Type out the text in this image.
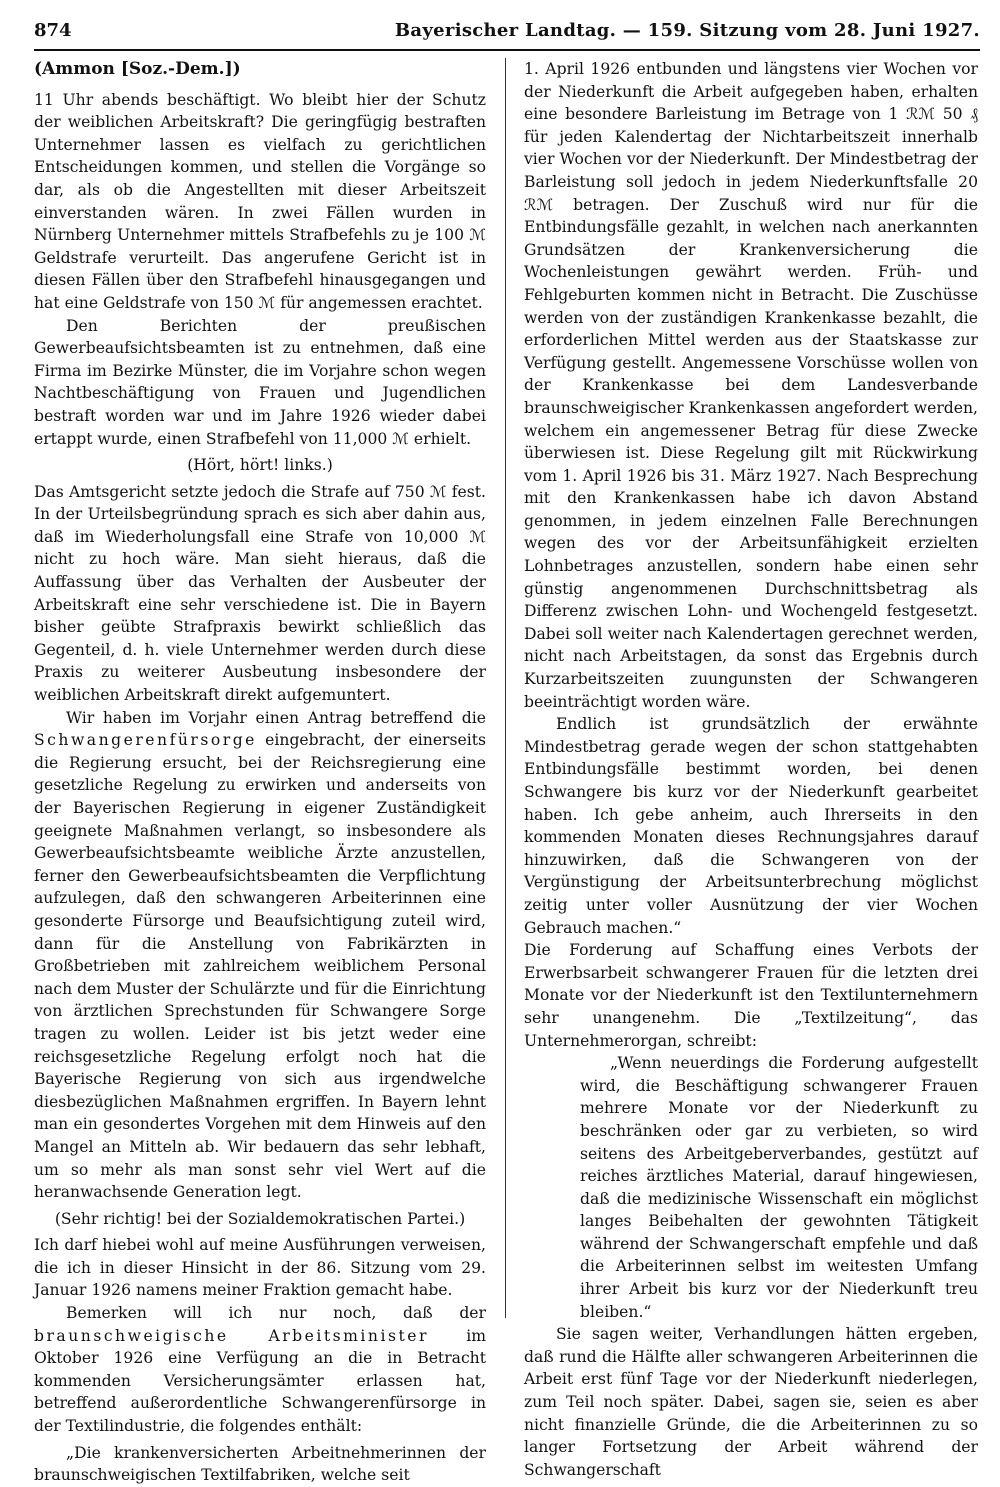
874	Bayerischer Landtag. — 159. Sitzung vom 28. Juni 1927.

(Ammon [Soz.-Dem.])

11 Uhr abends beschäftigt. Wo bleibt hier der Schutz der weiblichen Arbeitskraft? Die geringfügig bestraften Unternehmer lassen es vielfach zu gerichtlichen Entscheidungen kommen, und stellen die Vorgänge so dar, als ob die Angestellten mit dieser Arbeitszeit einverstanden wären. In zwei Fällen wurden in Nürnberg Unternehmer mittels Strafbefehls zu je 100 ℳ Geldstrafe verurteilt. Das angerufene Gericht ist in diesen Fällen über den Strafbefehl hinausgegangen und hat eine Geldstrafe von 150 ℳ für angemessen erachtet.

Den Berichten der preußischen Gewerbeaufsichtsbeamten ist zu entnehmen, daß eine Firma im Bezirke Münster, die im Vorjahre schon wegen Nachtbeschäftigung von Frauen und Jugendlichen bestraft worden war und im Jahre 1926 wieder dabei ertappt wurde, einen Strafbefehl von 11,000 ℳ erhielt.

(Hört, hört! links.)

Das Amtsgericht setzte jedoch die Strafe auf 750 ℳ fest. In der Urteilsbegründung sprach es sich aber dahin aus, daß im Wiederholungsfall eine Strafe von 10,000 ℳ nicht zu hoch wäre. Man sieht hieraus, daß die Auffassung über das Verhalten der Ausbeuter der Arbeitskraft eine sehr verschiedene ist. Die in Bayern bisher geübte Strafpraxis bewirkt schließlich das Gegenteil, d. h. viele Unternehmer werden durch diese Praxis zu weiterer Ausbeutung insbesondere der weiblichen Arbeitskraft direkt aufgemuntert.

Wir haben im Vorjahr einen Antrag betreffend die Schwangerenfürsorge eingebracht, der einerseits die Regierung ersucht, bei der Reichsregierung eine gesetzliche Regelung zu erwirken und anderseits von der Bayerischen Regierung in eigener Zuständigkeit geeignete Maßnahmen verlangt, so insbesondere als Gewerbeaufsichtsbeamte weibliche Ärzte anzustellen, ferner den Gewerbeaufsichtsbeamten die Verpflichtung aufzulegen, daß den schwangeren Arbeiterinnen eine gesonderte Fürsorge und Beaufsichtigung zuteil wird, dann für die Anstellung von Fabrikärzten in Großbetrieben mit zahlreichem weiblichem Personal nach dem Muster der Schulärzte und für die Einrichtung von ärztlichen Sprechstunden für Schwangere Sorge tragen zu wollen. Leider ist bis jetzt weder eine reichsgesetzliche Regelung erfolgt noch hat die Bayerische Regierung von sich aus irgendwelche diesbezüglichen Maßnahmen ergriffen. In Bayern lehnt man ein gesondertes Vorgehen mit dem Hinweis auf den Mangel an Mitteln ab. Wir bedauern das sehr lebhaft, um so mehr als man sonst sehr viel Wert auf die heranwachsende Generation legt.

(Sehr richtig! bei der Sozialdemokratischen Partei.)

Ich darf hiebei wohl auf meine Ausführungen verweisen, die ich in dieser Hinsicht in der 86. Sitzung vom 29. Januar 1926 namens meiner Fraktion gemacht habe.

Bemerken will ich nur noch, daß der braunschweigische Arbeitsminister im Oktober 1926 eine Verfügung an die in Betracht kommenden Versicherungsämter erlassen hat, betreffend außerordentliche Schwangerenfürsorge in der Textilindustrie, die folgendes enthält:

„Die krankenversicherten Arbeitnehmerinnen der braunschweigischen Textilfabriken, welche seit

1. April 1926 entbunden und längstens vier Wochen vor der Niederkunft die Arbeit aufgegeben haben, erhalten eine besondere Barleistung im Betrage von 1 ℛℳ 50 ₰ für jeden Kalendertag der Nichtarbeitszeit innerhalb vier Wochen vor der Niederkunft. Der Mindestbetrag der Barleistung soll jedoch in jedem Niederkunftsfalle 20 ℛℳ betragen. Der Zuschuß wird nur für die Entbindungsfälle gezahlt, in welchen nach anerkannten Grundsätzen der Krankenversicherung die Wochenleistungen gewährt werden. Früh- und Fehlgeburten kommen nicht in Betracht. Die Zuschüsse werden von der zuständigen Krankenkasse bezahlt, die erforderlichen Mittel werden aus der Staatskasse zur Verfügung gestellt. Angemessene Vorschüsse wollen von der Krankenkasse bei dem Landesverbande braunschweigischer Krankenkassen angefordert werden, welchem ein angemessener Betrag für diese Zwecke überwiesen ist. Diese Regelung gilt mit Rückwirkung vom 1. April 1926 bis 31. März 1927. Nach Besprechung mit den Krankenkassen habe ich davon Abstand genommen, in jedem einzelnen Falle Berechnungen wegen des vor der Arbeitsunfähigkeit erzielten Lohnbetrages anzustellen, sondern habe einen sehr günstig angenommenen Durchschnittsbetrag als Differenz zwischen Lohn- und Wochengeld festgesetzt. Dabei soll weiter nach Kalendertagen gerechnet werden, nicht nach Arbeitstagen, da sonst das Ergebnis durch Kurzarbeitszeiten zuungunsten der Schwangeren beeinträchtigt worden wäre.

Endlich ist grundsätzlich der erwähnte Mindestbetrag gerade wegen der schon stattgehabten Entbindungsfälle bestimmt worden, bei denen Schwangere bis kurz vor der Niederkunft gearbeitet haben. Ich gebe anheim, auch Ihrerseits in den kommenden Monaten dieses Rechnungsjahres darauf hinzuwirken, daß die Schwangeren von der Vergünstigung der Arbeitsunterbrechung möglichst zeitig unter voller Ausnützung der vier Wochen Gebrauch machen.“

Die Forderung auf Schaffung eines Verbots der Erwerbsarbeit schwangerer Frauen für die letzten drei Monate vor der Niederkunft ist den Textilunternehmern sehr unangenehm. Die „Textilzeitung“, das Unternehmerorgan, schreibt:

„Wenn neuerdings die Forderung aufgestellt wird, die Beschäftigung schwangerer Frauen mehrere Monate vor der Niederkunft zu beschränken oder gar zu verbieten, so wird seitens des Arbeitgeberverbandes, gestützt auf reiches ärztliches Material, darauf hingewiesen, daß die medizinische Wissenschaft ein möglichst langes Beibehalten der gewohnten Tätigkeit während der Schwangerschaft empfehle und daß die Arbeiterinnen selbst im weitesten Umfang ihrer Arbeit bis kurz vor der Niederkunft treu bleiben.“

Sie sagen weiter, Verhandlungen hätten ergeben, daß rund die Hälfte aller schwangeren Arbeiterinnen die Arbeit erst fünf Tage vor der Niederkunft niederlegen, zum Teil noch später. Dabei, sagen sie, seien es aber nicht finanzielle Gründe, die die Arbeiterinnen zu so langer Fortsetzung der Arbeit während der Schwangerschaft
